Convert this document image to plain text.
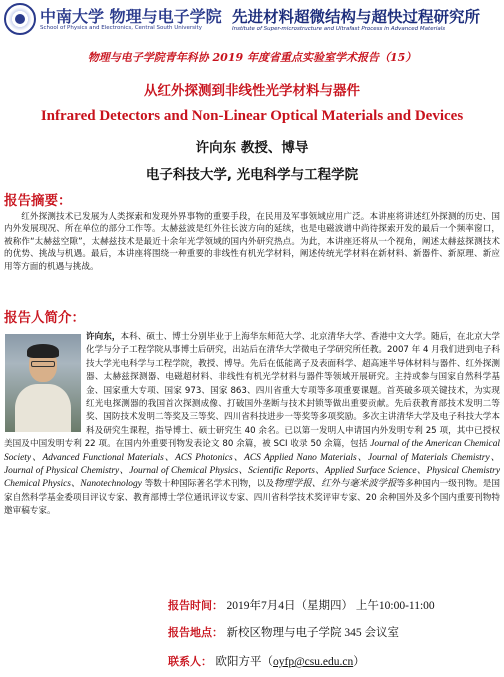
中南大学 物理与电子学院
School of Physics and Electronics, Central South University
先进材料超微结构与超快过程研究所
Institute of Super-microstructure and Ultrafast Process in Advanced Materials
物理与电子学院青年科协 2019 年度省重点实验室学术报告（15）
从红外探测到非线性光学材料与器件
Infrared Detectors and Non-Linear Optical Materials and Devices
许向东 教授、博导
电子科技大学, 光电科学与工程学院
报告摘要：

红外探测技术已发展为人类探索和发现外界事物的重要手段，在民用及军事领域应用广泛。本讲座将讲述红外探测的历史、国内外发展现况、所在单位的部分工作等。太赫兹波是红外往长波方向的延续，也是电磁波谱中尚待探索开发的最后一个频率窗口，被称作“太赫兹空隙”，太赫兹技术是最近十余年光学领域的国内外研究热点。为此，本讲座还将从一个视角，阐述太赫兹探测技术的优势、挑战与机遇。最后，本讲座将围绕一种重要的非线性有机光学材料，阐述传统光学材料在新材料、新器件、新原理、新应用等方面的机遇与挑战。

报告人简介：

许向东，本科、硕士、博士分别毕业于上海华东师范大学、北京清华大学、香港中文大学。随后，在北京大学化学与分子工程学院从事博士后研究，出站后在清华大学微电子学研究所任教。2007 年 4 月我们进到电子科技大学光电科学与工程学院，教授、博导。先后在低能离子及表面科学、超高速半导体材料与器件、红外探测器、太赫兹探测器、电磁超材料、非线性有机光学材料与器件等领域开展研究。主持或参与国家自然科学基金、国家重大专项、国家 973、国家 863、四川省重大专项等多项重要课题。首英破多项关键技术，为实现红光电探测器的我国首次探测成像、打破国外垄断与技术封锁等做出重要贡献。先后获教育部技术发明二等奖、国防技术发明二等奖及三等奖、四川省科技进步一等奖等多项奖励。多次主讲清华大学及电子科技大学本科及研究生课程，指导博士、硕士研究生 40 余名。已以第一发明人申请国内外发明专利 25 项，其中已授权美国及中国发明专利 22 项。在国内外重要刊物发表论文 80 余篇，被 SCI 收录 50 余篇，包括 Journal of the American Chemical Society、Advanced Functional Materials、ACS Photonics、ACS Applied Nano Materials、Journal of Materials Chemistry、Journal of Physical Chemistry、Journal of Chemical Physics、Scientific Reports、Applied Surface Science、Physical Chemistry Chemical Physics、Nanotechnology 等数十种国际著名学术刊物，以及物理学报、红外与毫米波学报等多种国内一级刊物。是国家自然科学基金委项目评议专家、教育部博士学位通讯评议专家、四川省科学技术奖评审专家、20 余种国外及多个国内重要刊物特邀审稿专家。

报告时间： 2019年7月4日（星期四） 上午10:00-11:00
报告地点： 新校区物理与电子学院 345 会议室
联系人： 欧阳方平（oyfp@csu.edu.cn）
